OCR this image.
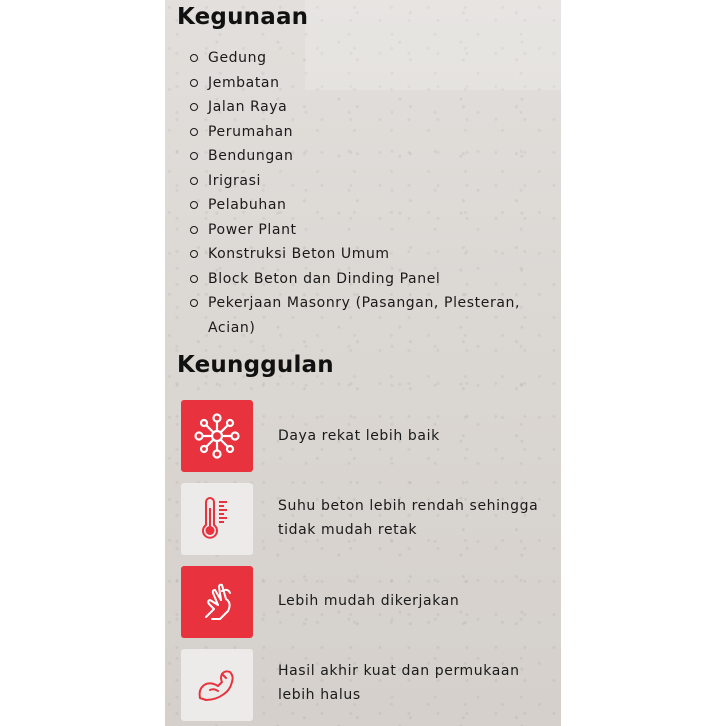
Kegunaan
Gedung
Jembatan
Jalan Raya
Perumahan
Bendungan
Irigrasi
Pelabuhan
Power Plant
Konstruksi Beton Umum
Block Beton dan Dinding Panel
Pekerjaan Masonry (Pasangan, Plesteran, Acian)
Keunggulan
Daya rekat lebih baik
Suhu beton lebih rendah sehingga tidak mudah retak
Lebih mudah dikerjakan
Hasil akhir kuat dan permukaan lebih halus
